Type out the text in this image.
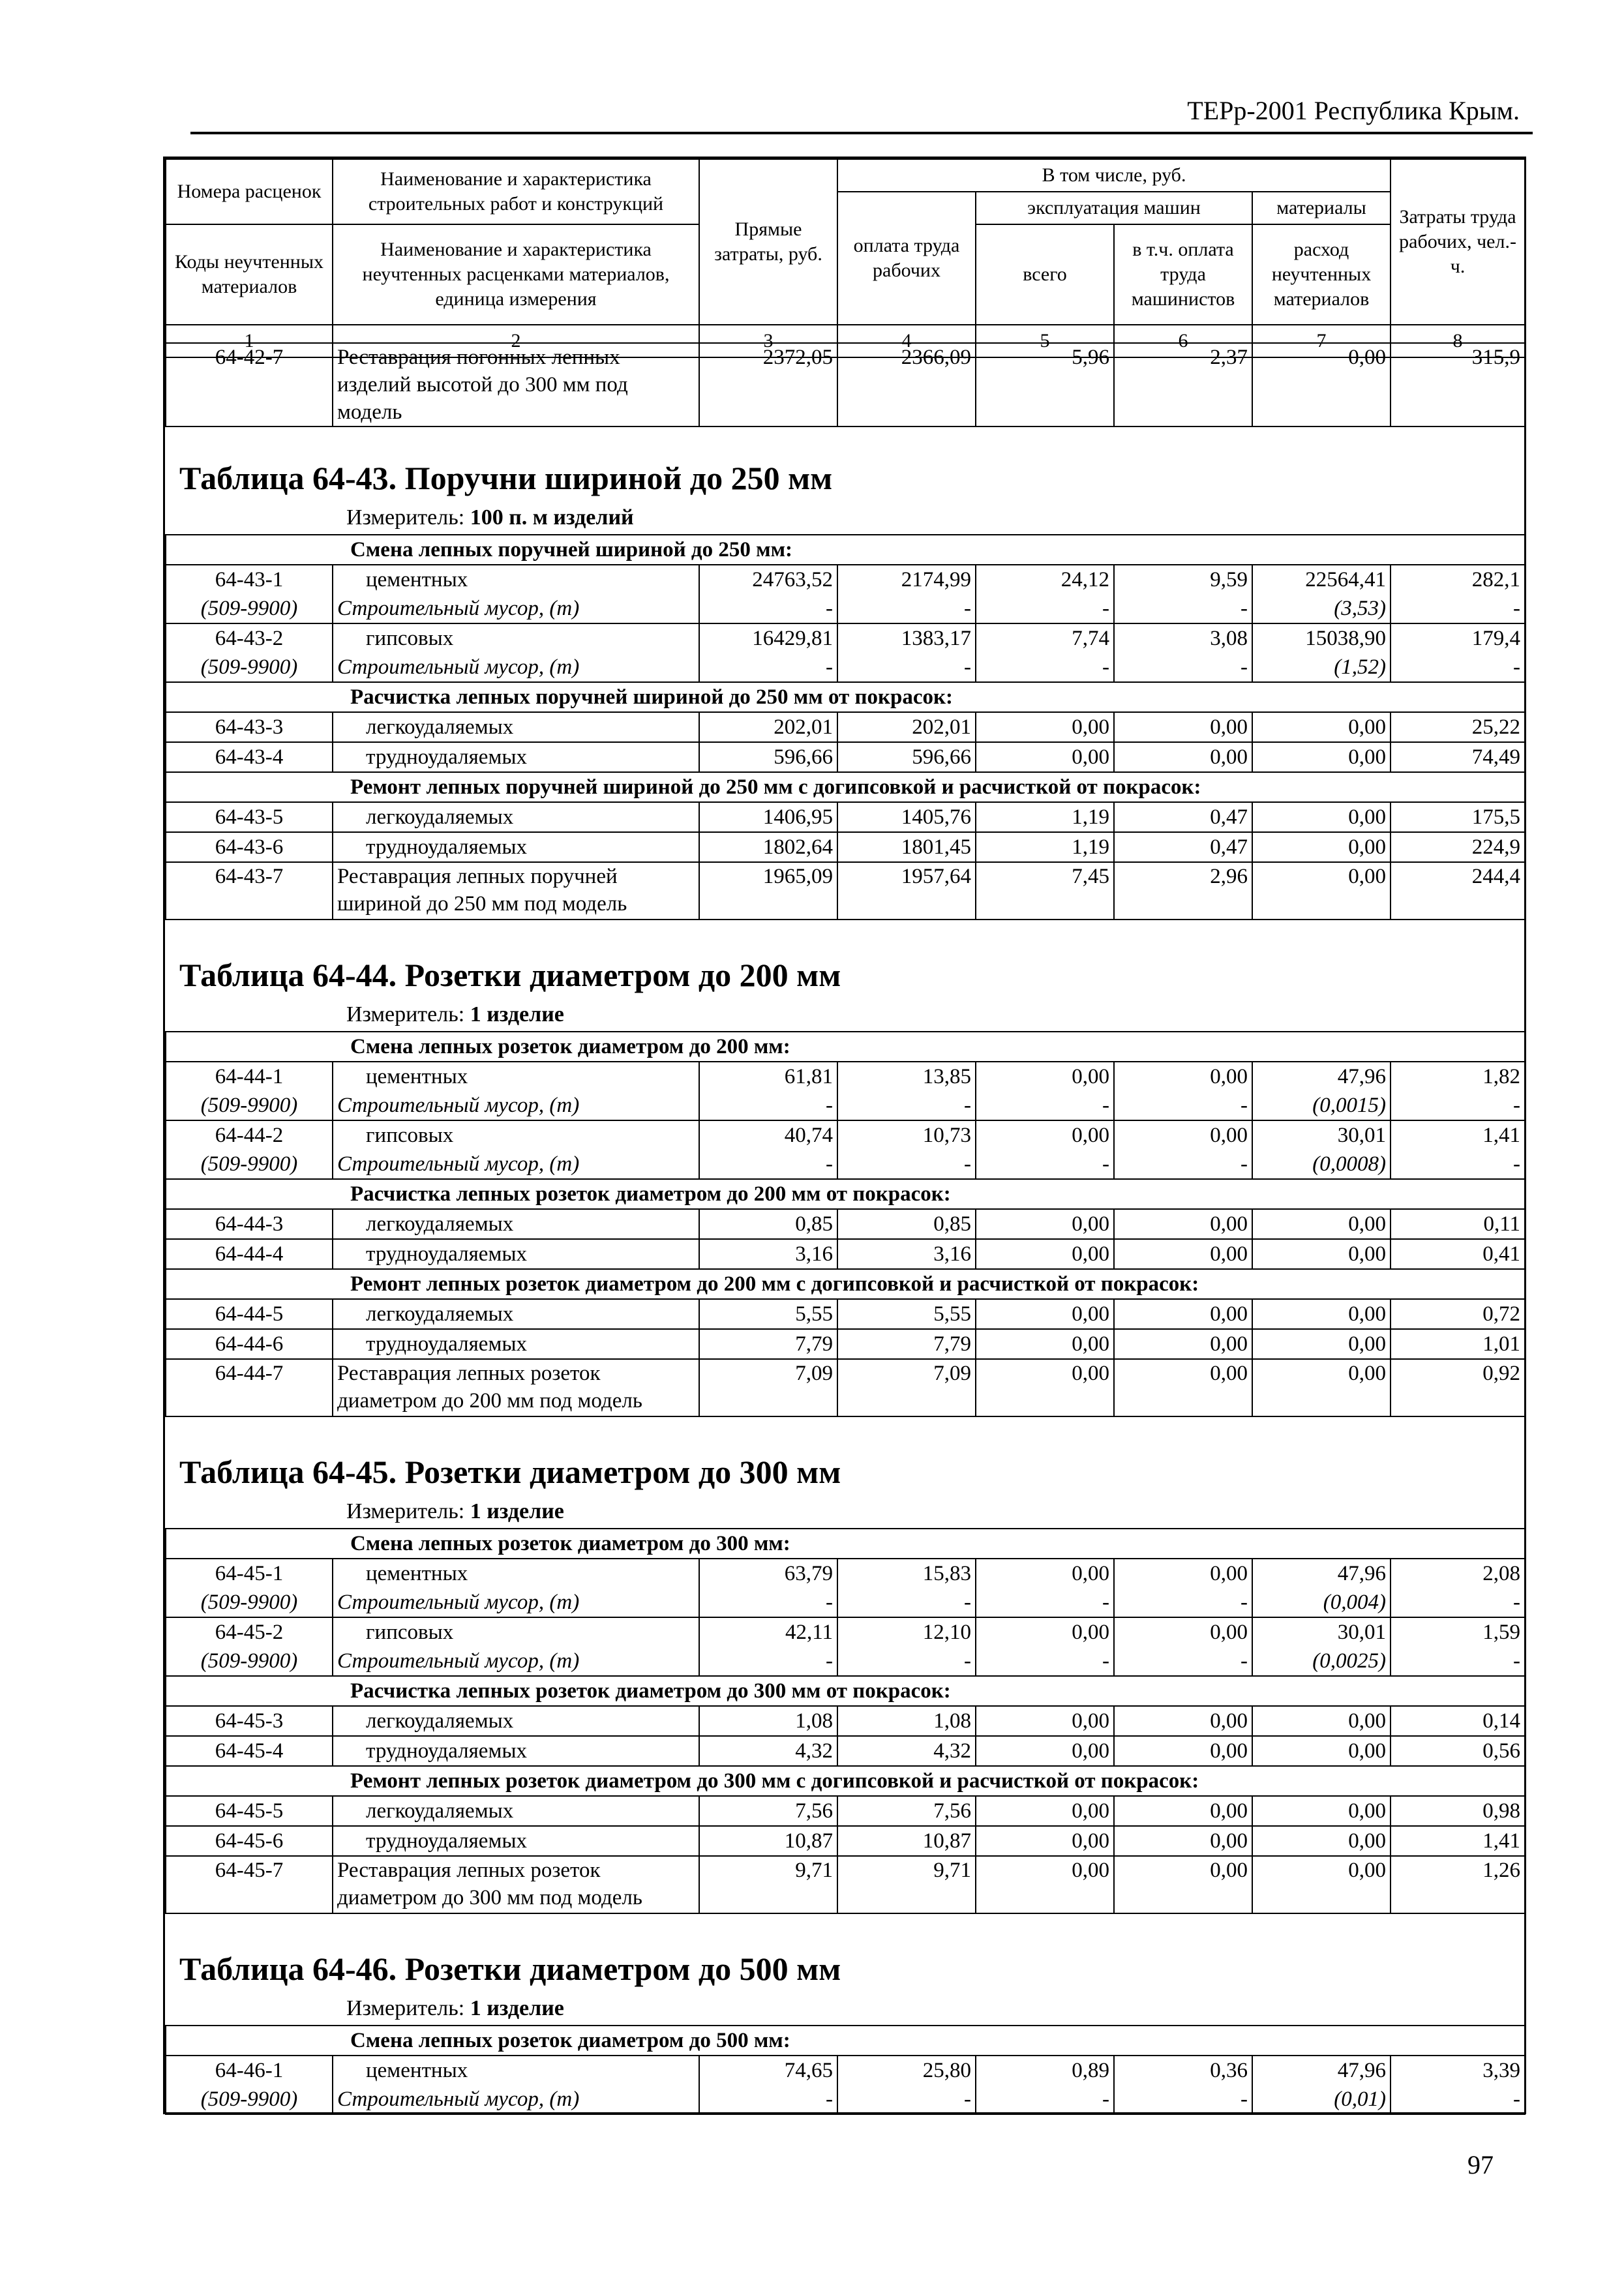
ТЕРр-2001 Республика Крым.
Номера расценок	Наименование и характеристика строительных работ и конструкций	Прямые затраты, руб.	В том числе, руб.				Затраты труда рабочих, чел.-ч.
			оплата труда рабочих	эксплуатация машин		материалы	
Коды неучтенных материалов	Наименование и характеристика неучтенных расценками материалов, единица измерения			всего	в т.ч. оплата труда машинистов	расход неучтенных материалов	

1	2	3	4	5	6	7	8
64-42-7	Реставрация погонных лепных изделий высотой до 300 мм под модель	2372,05	2366,09	5,96	2,37	0,00	315,9
Таблица 64-43. Поручни шириной до 250 мм
Измеритель: 100 п. м изделий
Смена лепных поручней шириной до 250 мм:							
64-43-1	цементных	24763,52	2174,99	24,12	9,59	22564,41	282,1
(509-9900)	Строительный мусор, (т)	-	-	-	-	(3,53)	-
64-43-2	гипсовых	16429,81	1383,17	7,74	3,08	15038,90	179,4
(509-9900)	Строительный мусор, (т)	-	-	-	-	(1,52)	-
Расчистка лепных поручней шириной до 250 мм от покрасок:							
64-43-3	легкоудаляемых	202,01	202,01	0,00	0,00	0,00	25,22
64-43-4	трудноудаляемых	596,66	596,66	0,00	0,00	0,00	74,49
Ремонт лепных поручней шириной до 250 мм с догипсовкой и расчисткой от покрасок:							
64-43-5	легкоудаляемых	1406,95	1405,76	1,19	0,47	0,00	175,5
64-43-6	трудноудаляемых	1802,64	1801,45	1,19	0,47	0,00	224,9
64-43-7	Реставрация лепных поручней шириной до 250 мм под модель	1965,09	1957,64	7,45	2,96	0,00	244,4
Таблица 64-44. Розетки диаметром до 200 мм
Измеритель: 1 изделие
Смена лепных розеток диаметром до 200 мм:							
64-44-1	цементных	61,81	13,85	0,00	0,00	47,96	1,82
(509-9900)	Строительный мусор, (т)	-	-	-	-	(0,0015)	-
64-44-2	гипсовых	40,74	10,73	0,00	0,00	30,01	1,41
(509-9900)	Строительный мусор, (т)	-	-	-	-	(0,0008)	-
Расчистка лепных розеток диаметром до 200 мм от покрасок:							
64-44-3	легкоудаляемых	0,85	0,85	0,00	0,00	0,00	0,11
64-44-4	трудноудаляемых	3,16	3,16	0,00	0,00	0,00	0,41
Ремонт лепных розеток диаметром до 200 мм с догипсовкой и расчисткой от покрасок:							
64-44-5	легкоудаляемых	5,55	5,55	0,00	0,00	0,00	0,72
64-44-6	трудноудаляемых	7,79	7,79	0,00	0,00	0,00	1,01
64-44-7	Реставрация лепных розеток диаметром до 200 мм под модель	7,09	7,09	0,00	0,00	0,00	0,92
Таблица 64-45. Розетки диаметром до 300 мм
Измеритель: 1 изделие
Смена лепных розеток диаметром до 300 мм:							
64-45-1	цементных	63,79	15,83	0,00	0,00	47,96	2,08
(509-9900)	Строительный мусор, (т)	-	-	-	-	(0,004)	-
64-45-2	гипсовых	42,11	12,10	0,00	0,00	30,01	1,59
(509-9900)	Строительный мусор, (т)	-	-	-	-	(0,0025)	-
Расчистка лепных розеток диаметром до 300 мм от покрасок:							
64-45-3	легкоудаляемых	1,08	1,08	0,00	0,00	0,00	0,14
64-45-4	трудноудаляемых	4,32	4,32	0,00	0,00	0,00	0,56
Ремонт лепных розеток диаметром до 300 мм с догипсовкой и расчисткой от покрасок:							
64-45-5	легкоудаляемых	7,56	7,56	0,00	0,00	0,00	0,98
64-45-6	трудноудаляемых	10,87	10,87	0,00	0,00	0,00	1,41
64-45-7	Реставрация лепных розеток диаметром до 300 мм под модель	9,71	9,71	0,00	0,00	0,00	1,26
Таблица 64-46. Розетки диаметром до 500 мм
Измеритель: 1 изделие
Смена лепных розеток диаметром до 500 мм:							
64-46-1	цементных	74,65	25,80	0,89	0,36	47,96	3,39
(509-9900)	Строительный мусор, (т)	-	-	-	-	(0,01)	-
97
